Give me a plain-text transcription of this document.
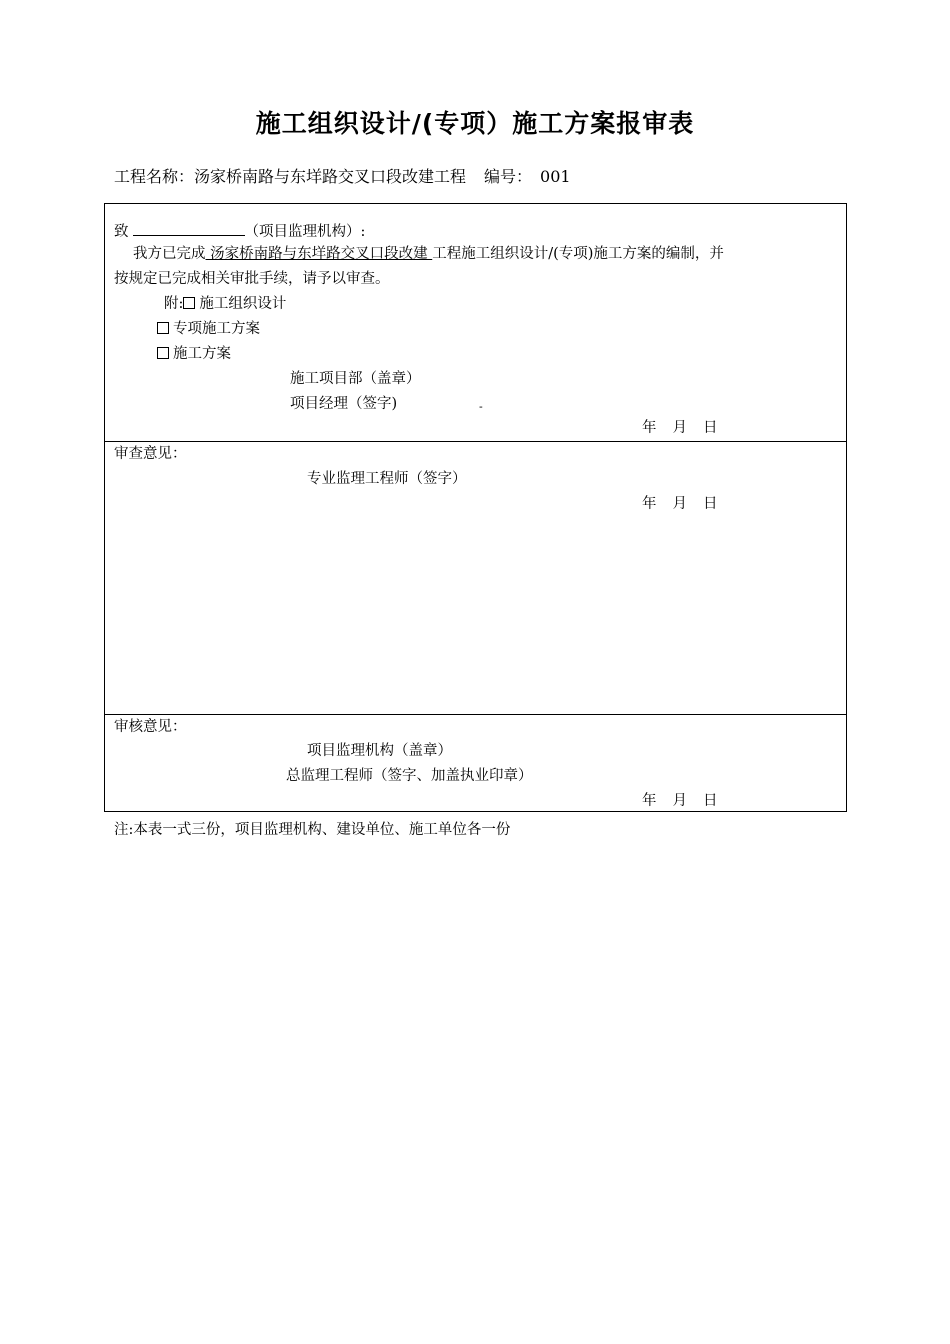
施工组织设计/(专项）施工方案报审表
工程名称：汤家桥南路与东垟路交叉口段改建工程 编号： 001
致	（项目监理机构）:
我方已完成 汤家桥南路与东垟路交叉口段改建 工程施工组织设计/(专项)施工方案的编制，并
按规定已完成相关审批手续，请予以审查。
附: 施工组织设计
专项施工方案
施工方案
施工项目部（盖章）
项目经理（签字)	-
年 月 日
审查意见：
专业监理工程师（签字）
年 月 日
审核意见：
项目监理机构（盖章）
总监理工程师（签字、加盖执业印章）
年 月 日
注:本表一式三份，项目监理机构、建设单位、施工单位各一份
